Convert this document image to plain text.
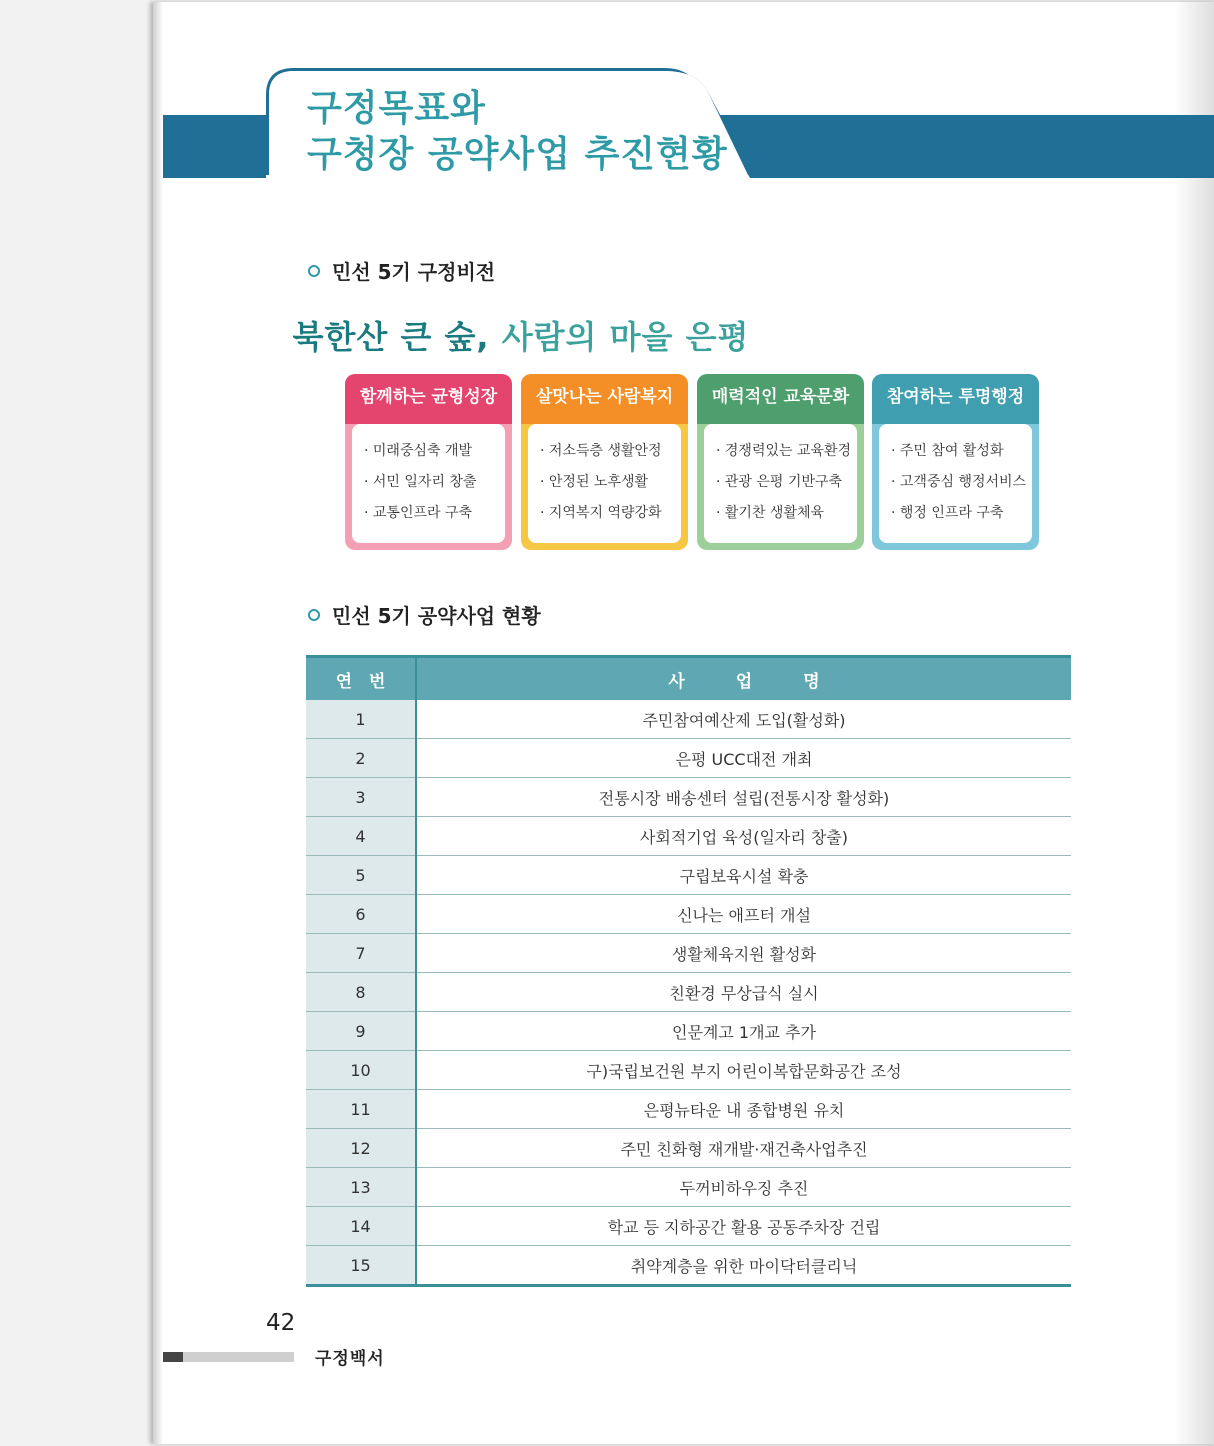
구정목표와
구청장 공약사업 추진현황
민선 5기 구정비전
북한산 큰 숲, 사람의 마을 은평
함께하는 균형성장
· 미래중심축 개발
· 서민 일자리 창출
· 교통인프라 구축
살맛나는 사람복지
· 저소득층 생활안정
· 안정된 노후생활
· 지역복지 역량강화
매력적인 교육문화
· 경쟁력있는 교육환경
· 관광 은평 기반구축
· 활기찬 생활체육
참여하는 투명행정
· 주민 참여 활성화
· 고객중심 행정서비스
· 행정 인프라 구축
민선 5기 공약사업 현황
연　번	사　　　업　　　명
1	주민참여예산제 도입(활성화)
2	은평 UCC대전 개최
3	전통시장 배송센터 설립(전통시장 활성화)
4	사회적기업 육성(일자리 창출)
5	구립보육시설 확충
6	신나는 애프터 개설
7	생활체육지원 활성화
8	친환경 무상급식 실시
9	인문계고 1개교 추가
10	구)국립보건원 부지 어린이복합문화공간 조성
11	은평뉴타운 내 종합병원 유치
12	주민 친화형 재개발·재건축사업추진
13	두꺼비하우징 추진
14	학교 등 지하공간 활용 공동주차장 건립
15	취약계층을 위한 마이닥터클리닉
42
구정백서
